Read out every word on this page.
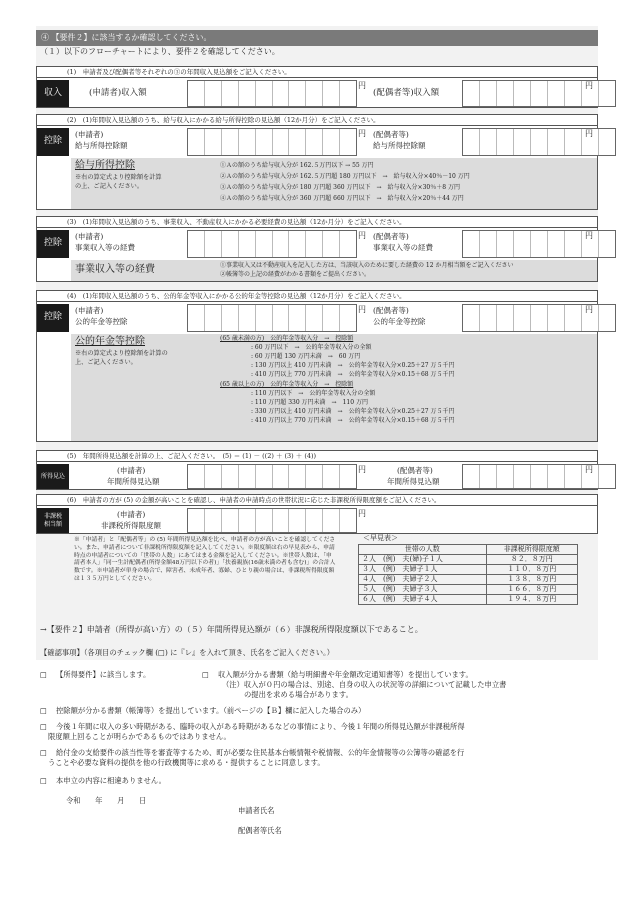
④ 【要件２】に該当するか確認してください。
（１）以下のフローチャートにより、要件２を確認してください。
(1)　申請者及び配偶者等それぞれの③の年間収入見込額をご記入ください。
収入	(申請者)収入額
円
(配偶者等)収入額
円
(2)　(1)年間収入見込額のうち、給与収入にかかる給与所得控除の見込額（12か月分）をご記入ください。
控除
(申請者)
給与所得控除額
円 (配偶者等)
給与所得控除額
円
給与所得控除
※右の算定式より控除額を計算
の上、ご記入ください。
①Ａの額のうち給与収入分が 162.５万円以下 → 55 万円
②Ａの額のうち給与収入分が 162.５万円超 180 万円以下　→　給与収入分×40％－10 万円
③Ａの額のうち給与収入分が 180 万円超 360 万円以下　→　給与収入分×30％＋8 万円
④Ａの額のうち給与収入分が 360 万円超 660 万円以下　→　給与収入分×20％＋44 万円
(3)　(1)年間収入見込額のうち、事業収入、不動産収入にかかる必要経費の見込額（12か月分）をご記入ください。
控除
(申請者)
事業収入等の経費
円 (配偶者等)
事業収入等の経費
円
事業収入等の経費	①事業収入又は不動産収入を記入した方は、当該収入のために要した経費の 12 か月相当額をご記入ください
②帳簿等の上記の経費がわかる書類をご提出ください。
(4)　(1)年間収入見込額のうち、公的年金等収入にかかる公的年金等控除の見込額（12か月分）をご記入ください。
控除
(申請者)
公的年金等控除
円 (配偶者等)
公的年金等控除
円
公的年金等控除
※右の算定式より控除額を計算の
上、ご記入ください。
(65 歳未満の方)　公的年金等収入分　→　控除額
: 60 万円以下　→　公的年金等収入分の全額
: 60 万円超 130 万円未満　→　60 万円
: 130 万円以上 410 万円未満　→　公的年金等収入分×0.25＋27 万５千円
: 410 万円以上 770 万円未満　→　公的年金等収入分×0.15＋68 万５千円
(65 歳以上の方)　公的年金等収入分　→　控除額
: 110 万円以下　→　公的年金等収入分の全額
: 110 万円超 330 万円未満　→　110 万円
: 330 万円以上 410 万円未満　→　公的年金等収入分×0.25＋27 万５千円
: 410 万円以上 770 万円未満　→　公的年金等収入分×0.15＋68 万５千円
(5)　年間所得見込額を計算の上、ご記入ください。　(5) ＝ (1) － ((2) ＋ (3) ＋ (4))
所得見込
(申請者)
年間所得見込額
円	(配偶者等)
年間所得見込額
円
(6)　申請者の方が (5) の金額が高いことを確認し、申請者の申請時点の世帯状況に応じた非課税所得限度額をご記入ください。
非課税
相当額
(申請者)
非課税所得限度額
円
※「申請者」と「配偶者等」の (5) 年間所得見込額を比べ、申請者の方が高いことを確認してください。また、申請者について非課税所得限度額を記入してください。※限度額は右の早見表から、申請時点の申請者についての「世帯の人数」にあてはまる金額を記入してください。※世帯人数は、「申請者本人」「同一生計配偶者(所得金額48万円以下の者)」「扶養親族(16歳未満の者も含む)」の合計人数です。※申請者が単身の場合で、障害者、未成年者、寡婦、ひとり親の場合は、非課税所得限度額は１３５万円としてください。
＜早見表＞
世帯の人数	非課税所得限度額
２人　 (例)　夫(婦)子１人	８２．８万円
３人　 (例)　夫婦子１人	１１０．８万円
４人　 (例)　夫婦子２人	１３８．８万円
５人　 (例)　夫婦子３人	１６６．８万円
６人　 (例)　夫婦子４人	１９４．８万円
→【要件２】申請者（所得が高い方）の（５）年間所得見込額が（６）非課税所得限度額以下であること。
【確認事項】（各項目のチェック欄 (□) に『レ』を入れて頂き、氏名をご記入ください。）
□ 【所得要件】に該当します。	□ 収入額が分かる書類（給与明細書や年金額改定通知書等）を提出しています。
（注）収入が０円の場合は、別途、自身の収入の状況等の詳細について記載した申立書
の提出を求める場合があります。
□ 控除額が分かる書類（帳簿等）を提出しています。（前ページの【Ｂ】欄に記入した場合のみ）
□ 今後１年間に収入の多い時期がある、臨時の収入がある時期があるなどの事情により、今後１年間の所得見込額が非課税所得
限度額上回ることが明らかであるものではありません。
□ 給付金の支給要件の該当性等を審査等するため、町が必要な住民基本台帳情報や税情報、公的年金情報等の公簿等の確認を行
うことや必要な資料の提供を他の行政機関等に求める・提供することに同意します。
□ 本申立の内容に相違ありません。
令和　　年　　月　　日
申請者氏名
配偶者等氏名
